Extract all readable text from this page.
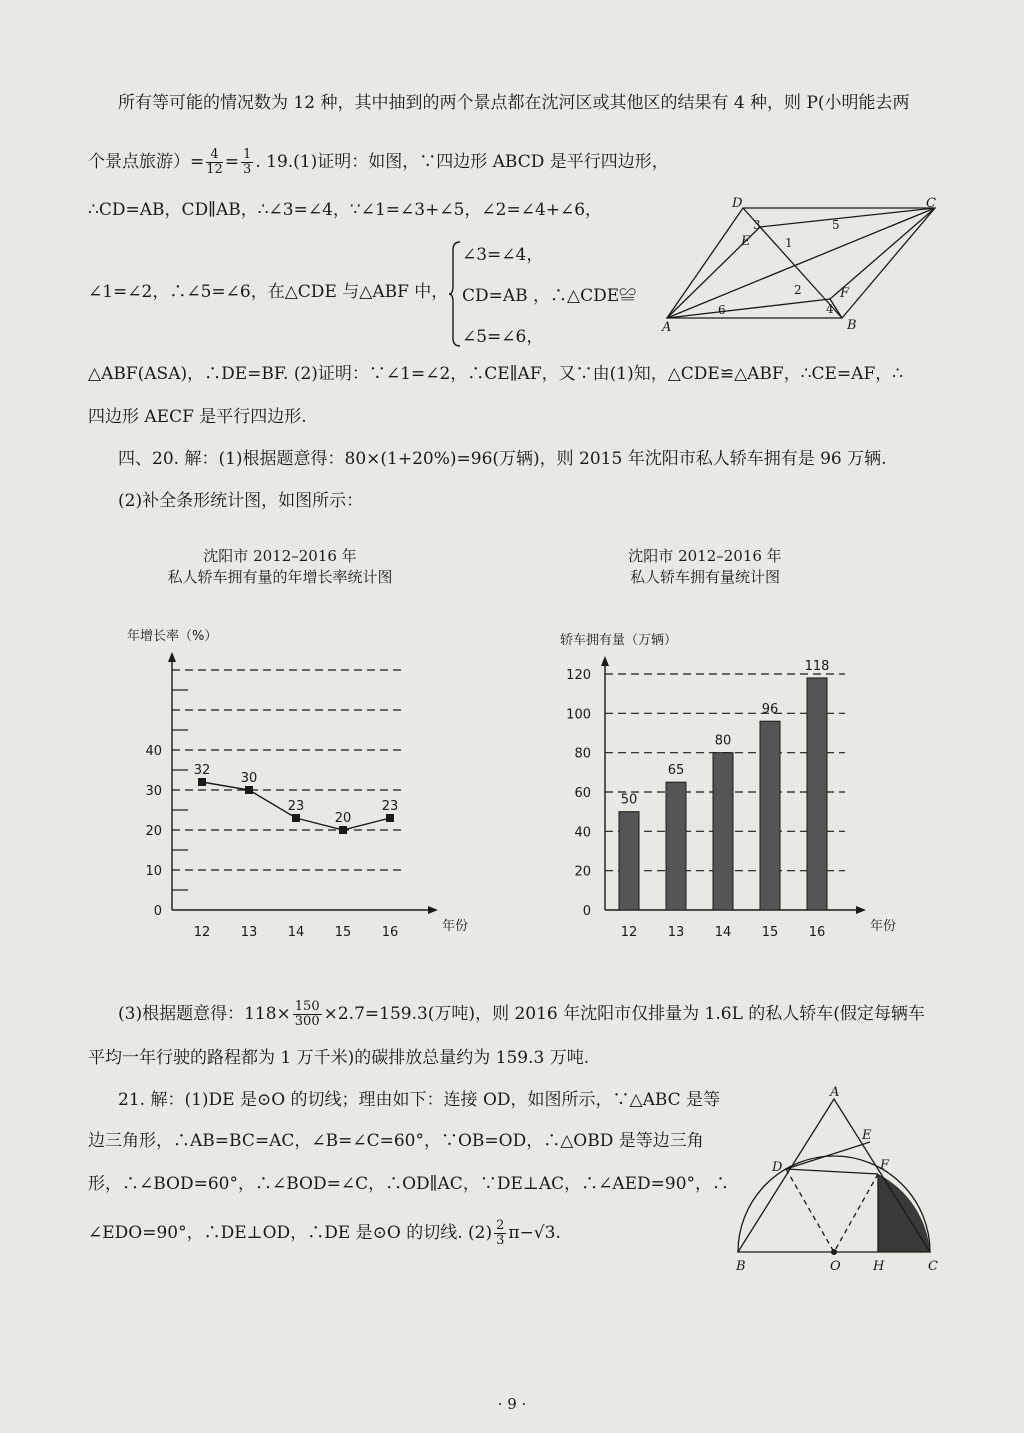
所有等可能的情况数为 12 种，其中抽到的两个景点都在沈河区或其他区的结果有 4 种，则 P(小明能去两
个景点旅游）= $\frac{4}{12} = \frac{1}{3}$ . 19.(1)证明：如图，∵四边形 ABCD 是平行四边形，
∴CD=AB，CD∥AB，∴∠3=∠4，∵∠1=∠3+∠5，∠2=∠4+∠6，
∠1=∠2，∴∠5=∠6，在△CDE 与△ABF 中，
∠3=∠4，
CD=AB ，∴△CDE≌
∠5=∠6，
△ABF(ASA)，∴DE=BF. (2)证明：∵∠1=∠2，∴CE∥AF，又∵由(1)知，△CDE≌△ABF，∴CE=AF，∴
四边形 AECF 是平行四边形.
四、20. 解：(1)根据题意得：80×(1+20%)=96(万辆)，则 2015 年沈阳市私人轿车拥有是 96 万辆.
(2)补全条形统计图，如图所示：
D	C
A	B
E
F
1
2
3
4
5
6
沈阳市 2012–2016 年
私人轿车拥有量的年增长率统计图
沈阳市 2012–2016 年
私人轿车拥有量统计图
年增长率（%）
年份
0
10
20
30
40
12 13 14 15 16
32
30
23
20
23
轿车拥有量（万辆）
年份
0
20
40
60
80
100
120
12 13 14 15 16
50
65
80
96
118
(3)根据题意得：$118\times \frac{150}{300} \times 2.7=159.3$(万吨)，则 2016 年沈阳市仅排量为 1.6L 的私人轿车(假定每辆车
平均一年行驶的路程都为 1 万千米)的碳排放总量约为 159.3 万吨.
21. 解：(1)DE 是⊙O 的切线；理由如下：连接 OD，如图所示，∵△ABC 是等
边三角形，∴AB=BC=AC，∠B=∠C=60°，∵OB=OD，∴△OBD 是等边三角
形，∴∠BOD=60°，∴∠BOD=∠C，∴OD∥AC，∵DE⊥AC，∴∠AED=90°，∴
∠EDO=90°，∴DE⊥OD，∴DE 是⊙O 的切线. $(2) \frac{2}{3} \pi-√3$.
A
B	C
D
E
F
O H
· 9 ·
